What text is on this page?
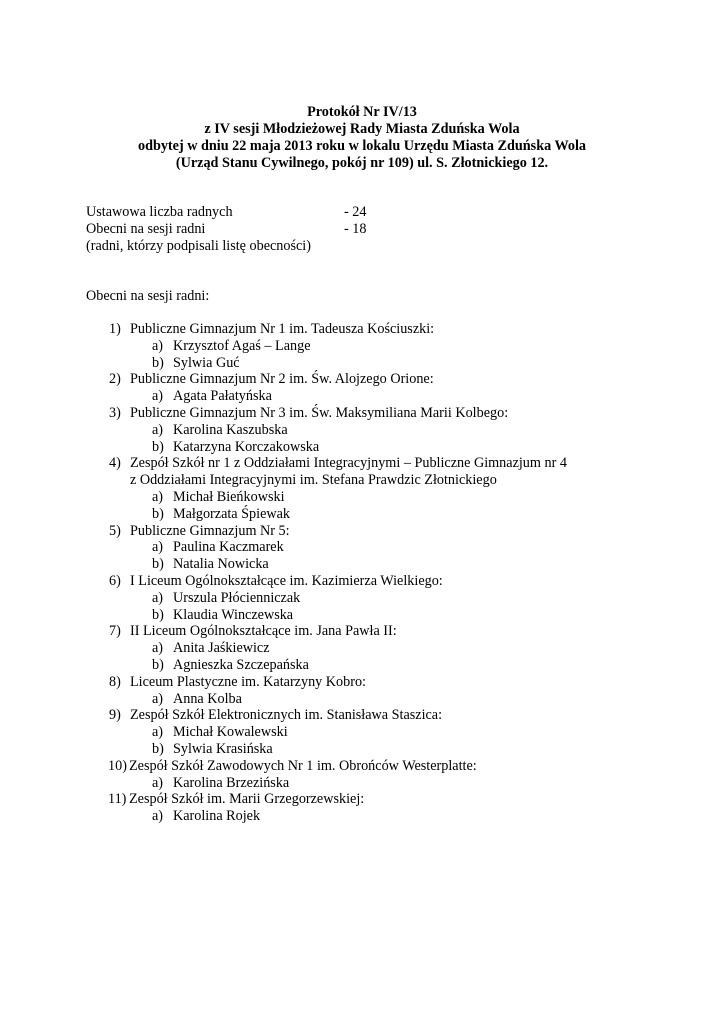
Protokół Nr IV/13
z IV sesji Młodzieżowej Rady Miasta Zduńska Wola
odbytej w dniu 22 maja 2013 roku w lokalu Urzędu Miasta Zduńska Wola
(Urząd Stanu Cywilnego, pokój nr 109) ul. S. Złotnickiego 12.
Ustawowa liczba radnych	- 24
Obecni na sesji radni	- 18
(radni, którzy podpisali listę obecności)
Obecni na sesji radni:
1) Publiczne Gimnazjum Nr 1 im. Tadeusza Kościuszki:
a) Krzysztof Agaś – Lange
b) Sylwia Guć
2) Publiczne Gimnazjum Nr 2 im. Św. Alojzego Orione:
a) Agata Pałatyńska
3) Publiczne Gimnazjum Nr 3 im. Św. Maksymiliana Marii Kolbego:
a) Karolina Kaszubska
b) Katarzyna Korczakowska
4) Zespół Szkół nr 1 z Oddziałami Integracyjnymi – Publiczne Gimnazjum nr 4
z Oddziałami Integracyjnymi im. Stefana Prawdzic Złotnickiego
a) Michał Bieńkowski
b) Małgorzata Śpiewak
5) Publiczne Gimnazjum Nr 5:
a) Paulina Kaczmarek
b) Natalia Nowicka
6) I Liceum Ogólnokształcące im. Kazimierza Wielkiego:
a) Urszula Płócienniczak
b) Klaudia Winczewska
7) II Liceum Ogólnokształcące im. Jana Pawła II:
a) Anita Jaśkiewicz
b) Agnieszka Szczepańska
8) Liceum Plastyczne im. Katarzyny Kobro:
a) Anna Kolba
9) Zespół Szkół Elektronicznych im. Stanisława Staszica:
a) Michał Kowalewski
b) Sylwia Krasińska
10) Zespół Szkół Zawodowych Nr 1 im. Obrońców Westerplatte:
a) Karolina Brzezińska
11) Zespół Szkół im. Marii Grzegorzewskiej:
a) Karolina Rojek
